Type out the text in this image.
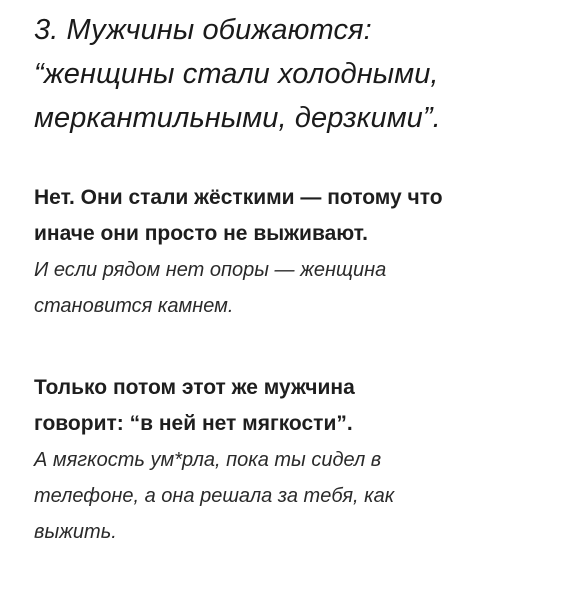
3. Мужчины обижаются:
“женщины стали холодными,
меркантильными, дерзкими”.

Нет. Они стали жёсткими — потому что
иначе они просто не выживают.
И если рядом нет опоры — женщина
становится камнем.

Только потом этот же мужчина
говорит: “в ней нет мягкости”.
А мягкость ум*рла, пока ты сидел в
телефоне, а она решала за тебя, как
выжить.
